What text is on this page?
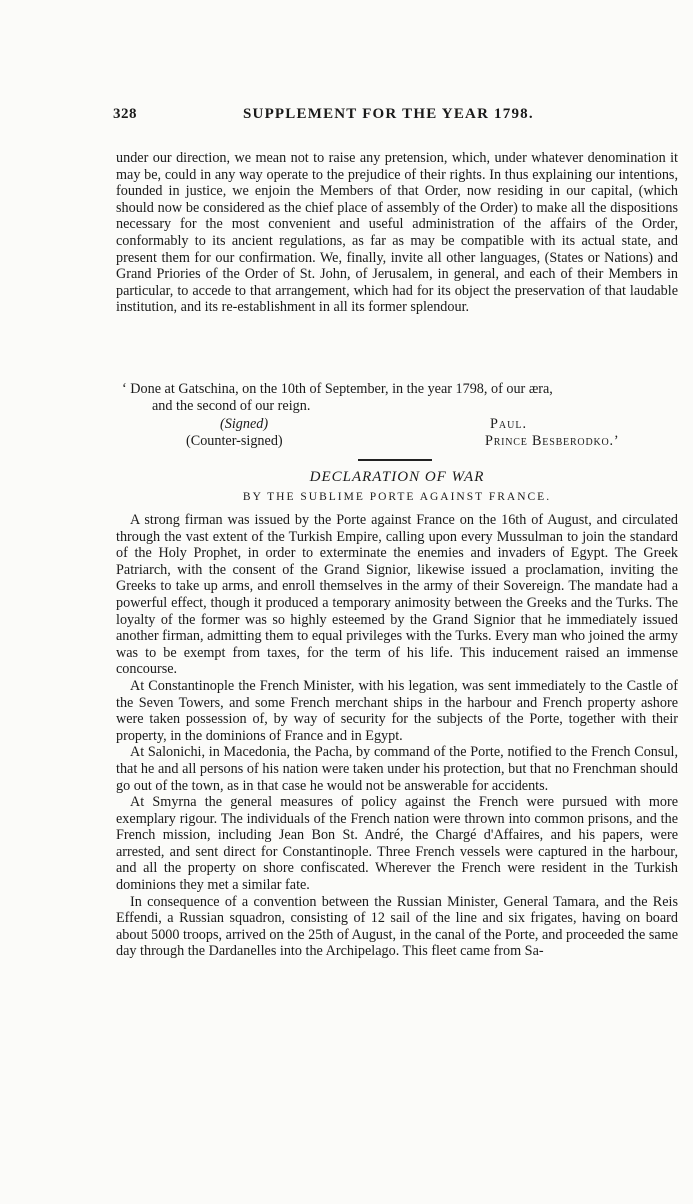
328	SUPPLEMENT FOR THE YEAR 1798.

under our direction, we mean not to raise any pretension, which, under whatever denomination it may be, could in any way operate to the prejudice of their rights. In thus explaining our intentions, founded in justice, we enjoin the Members of that Order, now residing in our capital, (which should now be considered as the chief place of assembly of the Order) to make all the dispositions necessary for the most convenient and useful administration of the affairs of the Order, conformably to its ancient regulations, as far as may be compatible with its actual state, and present them for our confirmation. We, finally, invite all other languages, (States or Nations) and Grand Priories of the Order of St. John, of Jerusalem, in general, and each of their Members in particular, to accede to that arrangement, which had for its object the preservation of that laudable institution, and its re-establishment in all its former splendour.

‘ Done at Gatschina, on the 10th of September, in the year 1798, of our æra,
and the second of our reign.
(Signed)	Paul.
(Counter-signed)	Prince Besberodko.’
DECLARATION OF WAR
BY THE SUBLIME PORTE AGAINST FRANCE.

A strong firman was issued by the Porte against France on the 16th of August, and circulated through the vast extent of the Turkish Empire, calling upon every Mussulman to join the standard of the Holy Prophet, in order to exterminate the enemies and invaders of Egypt. The Greek Patriarch, with the consent of the Grand Signior, likewise issued a proclamation, inviting the Greeks to take up arms, and enroll themselves in the army of their Sovereign. The mandate had a powerful effect, though it produced a temporary animosity between the Greeks and the Turks. The loyalty of the former was so highly esteemed by the Grand Signior that he immediately issued another firman, admitting them to equal privileges with the Turks. Every man who joined the army was to be exempt from taxes, for the term of his life. This inducement raised an immense concourse.

At Constantinople the French Minister, with his legation, was sent immediately to the Castle of the Seven Towers, and some French merchant ships in the harbour and French property ashore were taken possession of, by way of security for the subjects of the Porte, together with their property, in the dominions of France and in Egypt.

At Salonichi, in Macedonia, the Pacha, by command of the Porte, notified to the French Consul, that he and all persons of his nation were taken under his protection, but that no Frenchman should go out of the town, as in that case he would not be answerable for accidents.

At Smyrna the general measures of policy against the French were pursued with more exemplary rigour. The individuals of the French nation were thrown into common prisons, and the French mission, including Jean Bon St. André, the Chargé d'Affaires, and his papers, were arrested, and sent direct for Constantinople. Three French vessels were captured in the harbour, and all the property on shore confiscated. Wherever the French were resident in the Turkish dominions they met a similar fate.

In consequence of a convention between the Russian Minister, General Tamara, and the Reis Effendi, a Russian squadron, consisting of 12 sail of the line and six frigates, having on board about 5000 troops, arrived on the 25th of August, in the canal of the Porte, and proceeded the same day through the Dardanelles into the Archipelago. This fleet came from Sa-
